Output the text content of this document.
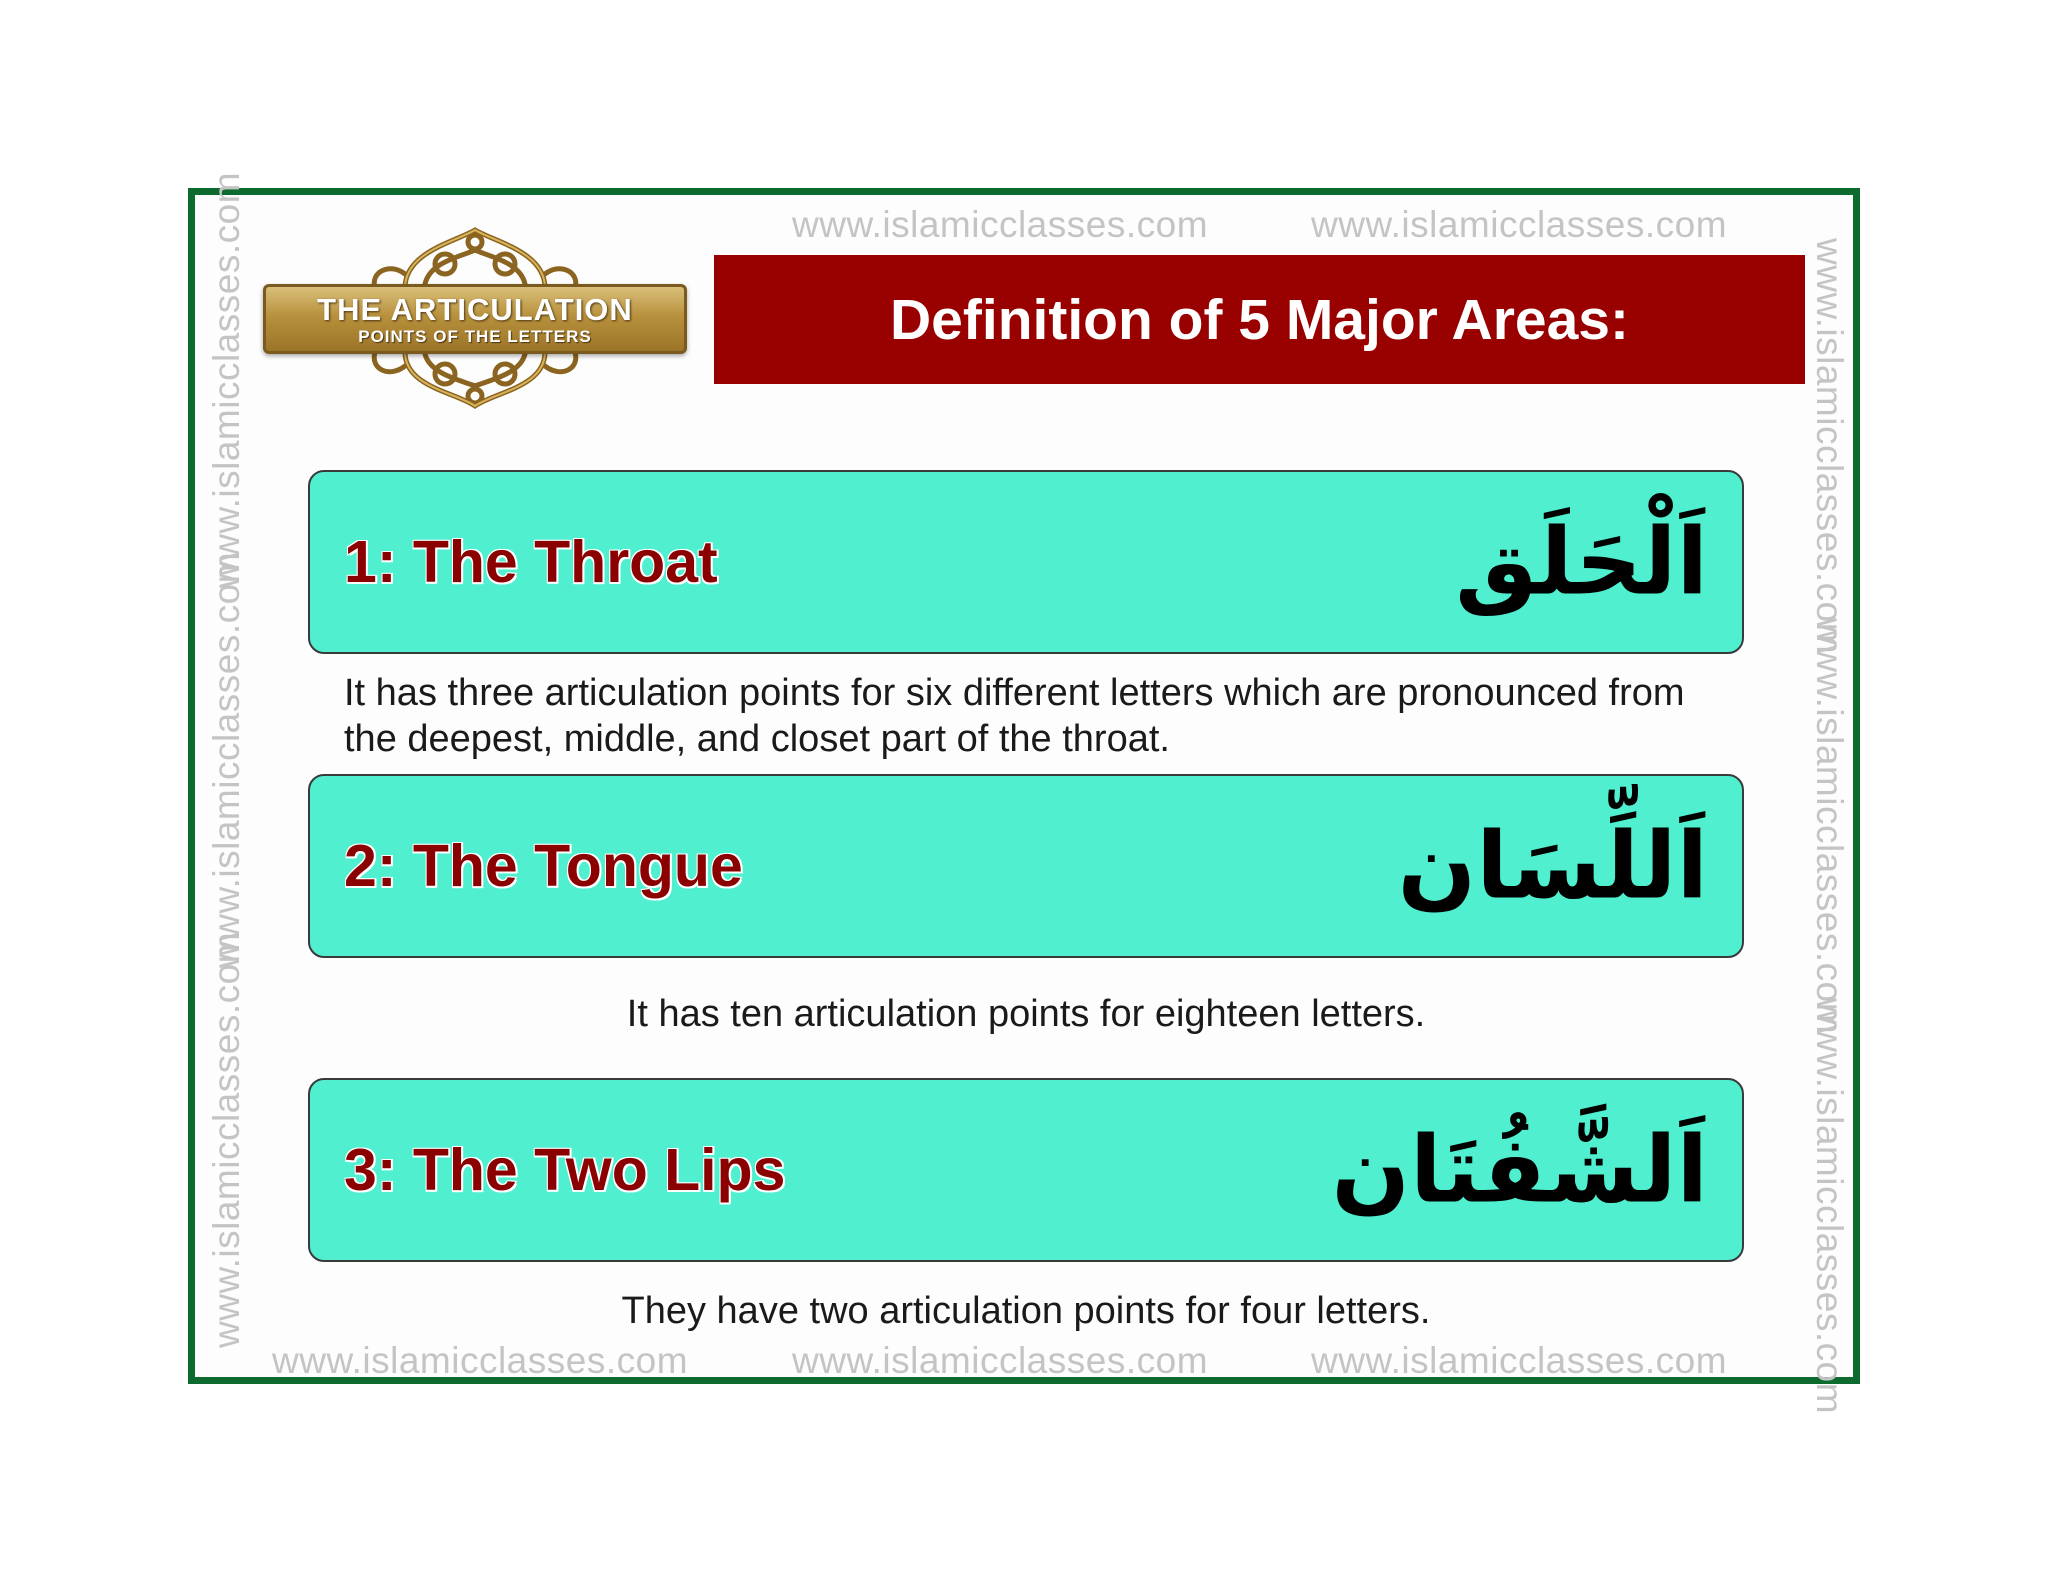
www.islamicclasses.com	www.islamicclasses.com
www.islamicclasses.com	www.islamicclasses.com	www.islamicclasses.com
www.islamicclasses.com
www.islamicclasses.com
www.islamicclasses.com
www.islamicclasses.com
www.islamicclasses.com
www.islamicclasses.com
THE ARTICULATION
POINTS OF THE LETTERS	Definition of 5 Major Areas:
1: The Throat	اَلْحَلَق
It has three articulation points for six different letters which are pronounced from the deepest, middle, and closet part of the throat.
2: The Tongue	اَللِّسَان
It has ten articulation points for eighteen letters.
3: The Two Lips	اَلشَّفُتَان
They have two articulation points for four letters.
